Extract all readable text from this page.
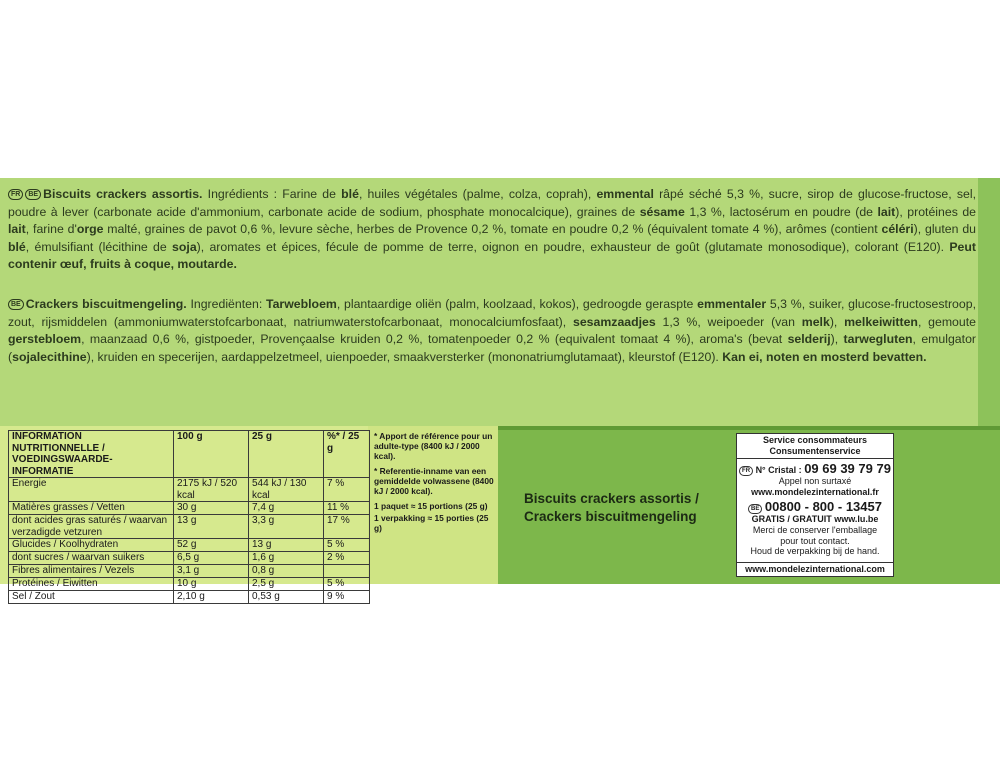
FR BE Biscuits crackers assortis. Ingrédients : Farine de blé, huiles végétales (palme, colza, coprah), emmental râpé séché 5,3 %, sucre, sirop de glucose-fructose, sel, poudre à lever (carbonate acide d'ammonium, carbonate acide de sodium, phosphate monocalcique), graines de sésame 1,3 %, lactosérum en poudre (de lait), protéines de lait, farine d'orge malté, graines de pavot 0,6 %, levure sèche, herbes de Provence 0,2 %, tomate en poudre 0,2 % (équivalent tomate 4 %), arômes (contient céléri), gluten du blé, émulsifiant (lécithine de soja), aromates et épices, fécule de pomme de terre, oignon en poudre, exhausteur de goût (glutamate monosodique), colorant (E120). Peut contenir œuf, fruits à coque, moutarde.
BE Crackers biscuitmengeling. Ingrediënten: Tarwebloem, plantaardige oliën (palm, koolzaad, kokos), gedroogde geraspte emmentaler 5,3 %, suiker, glucose-fructosestroop, zout, rijsmiddelen (ammoniumwaterstofcarbonaat, natriumwaterstofcarbonaat, monocalciumfosfaat), sesamzaadjes 1,3 %, weipoeder (van melk), melkeiwitten, gemoute gerstebloem, maanzaad 0,6 %, gistpoeder, Provençaalse kruiden 0,2 %, tomatenpoeder 0,2 % (equivalent tomaat 4 %), aroma's (bevat selderij), tarwegluten, emulgator (sojalecithine), kruiden en specerijen, aardappelzetmeel, uienpoeder, smaakversterker (mononatriumglutamaat), kleurstof (E120). Kan ei, noten en mosterd bevatten.
INFORMATION NUTRITIONNELLE / VOEDINGSWAARDE-INFORMATIE	100 g	25 g	%* / 25 g
Energie	2175 kJ / 520 kcal	544 kJ / 130 kcal	7 %
Matières grasses / Vetten	30 g	7,4 g	11 %
dont acides gras saturés / waarvan verzadigde vetzuren	13 g	3,3 g	17 %
Glucides / Koolhydraten	52 g	13 g	5 %
dont sucres / waarvan suikers	6,5 g	1,6 g	2 %
Fibres alimentaires / Vezels	3,1 g	0,8 g	
Protéines / Eiwitten	10 g	2,5 g	5 %
Sel / Zout	2,10 g	0,53 g	9 %

* Apport de référence pour un adulte-type (8400 kJ / 2000 kcal).

* Referentie-inname van een gemiddelde volwassene (8400 kJ / 2000 kcal).

1 paquet ≈ 15 portions (25 g)

1 verpakking ≈ 15 porties (25 g)

Biscuits crackers assortis /
Crackers biscuitmengeling
Service consommateurs
Consumentenservice
FR N° Cristal : 09 69 39 79 79
Appel non surtaxé
www.mondelezinternational.fr
BE 00800 - 800 - 13457
GRATIS / GRATUIT www.lu.be
Merci de conserver l'emballage
pour tout contact.
Houd de verpakking bij de hand.
www.mondelezinternational.com
